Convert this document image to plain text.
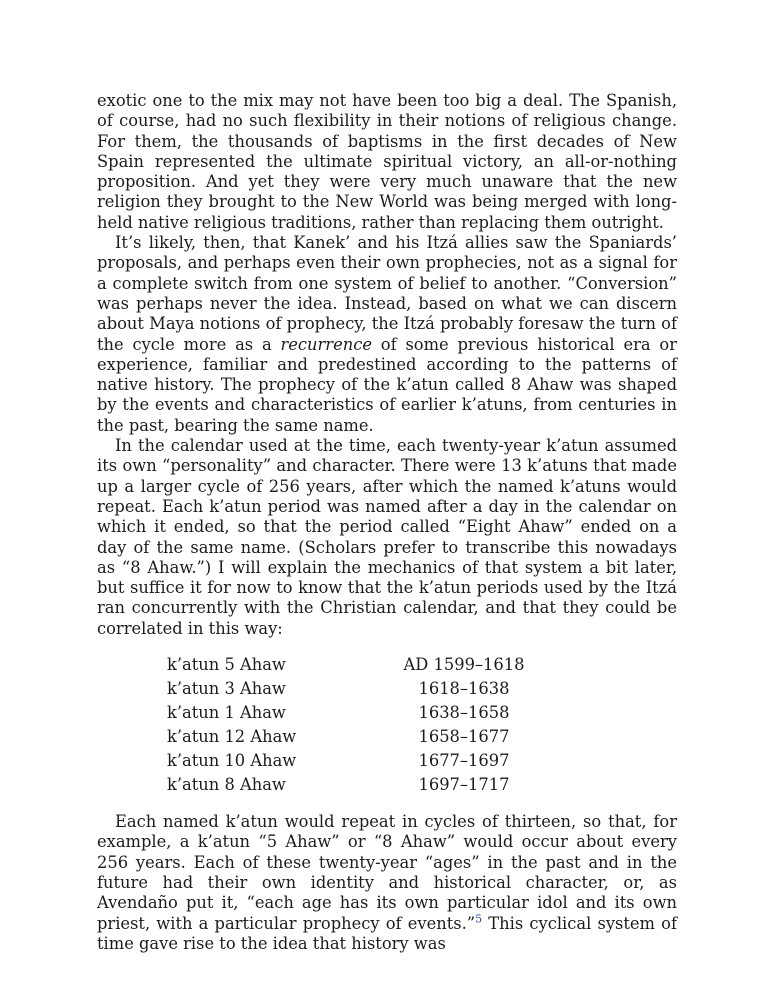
exotic one to the mix may not have been too big a deal. The Spanish, of course, had no such flexibility in their notions of religious change. For them, the thousands of baptisms in the first decades of New Spain represented the ultimate spiritual victory, an all-or-nothing proposition. And yet they were very much unaware that the new religion they brought to the New World was being merged with long-held native religious traditions, rather than replacing them outright.

It’s likely, then, that Kanek’ and his Itzá allies saw the Spaniards’ proposals, and perhaps even their own prophecies, not as a signal for a complete switch from one system of belief to another. “Conversion” was perhaps never the idea. Instead, based on what we can discern about Maya notions of prophecy, the Itzá probably foresaw the turn of the cycle more as a recurrence of some previous historical era or experience, familiar and predestined according to the patterns of native history. The prophecy of the k’atun called 8 Ahaw was shaped by the events and characteristics of earlier k’atuns, from centuries in the past, bearing the same name.

In the calendar used at the time, each twenty-year k’atun assumed its own “personality” and character. There were 13 k’atuns that made up a larger cycle of 256 years, after which the named k’atuns would repeat. Each k’atun period was named after a day in the calendar on which it ended, so that the period called “Eight Ahaw” ended on a day of the same name. (Scholars prefer to transcribe this nowadays as “8 Ahaw.”) I will explain the mechanics of that system a bit later, but suffice it for now to know that the k’atun periods used by the Itzá ran concurrently with the Christian calendar, and that they could be correlated in this way:

k’atun 5 Ahaw	AD 1599–1618
k’atun 3 Ahaw	1618–1638
k’atun 1 Ahaw	1638–1658
k’atun 12 Ahaw	1658–1677
k’atun 10 Ahaw	1677–1697
k’atun 8 Ahaw	1697–1717

Each named k’atun would repeat in cycles of thirteen, so that, for example, a k’atun “5 Ahaw” or “8 Ahaw” would occur about every 256 years. Each of these twenty-year “ages” in the past and in the future had their own identity and historical character, or, as Avendaño put it, “each age has its own particular idol and its own priest, with a particular prophecy of events.”$^5$ This cyclical system of time gave rise to the idea that history was
